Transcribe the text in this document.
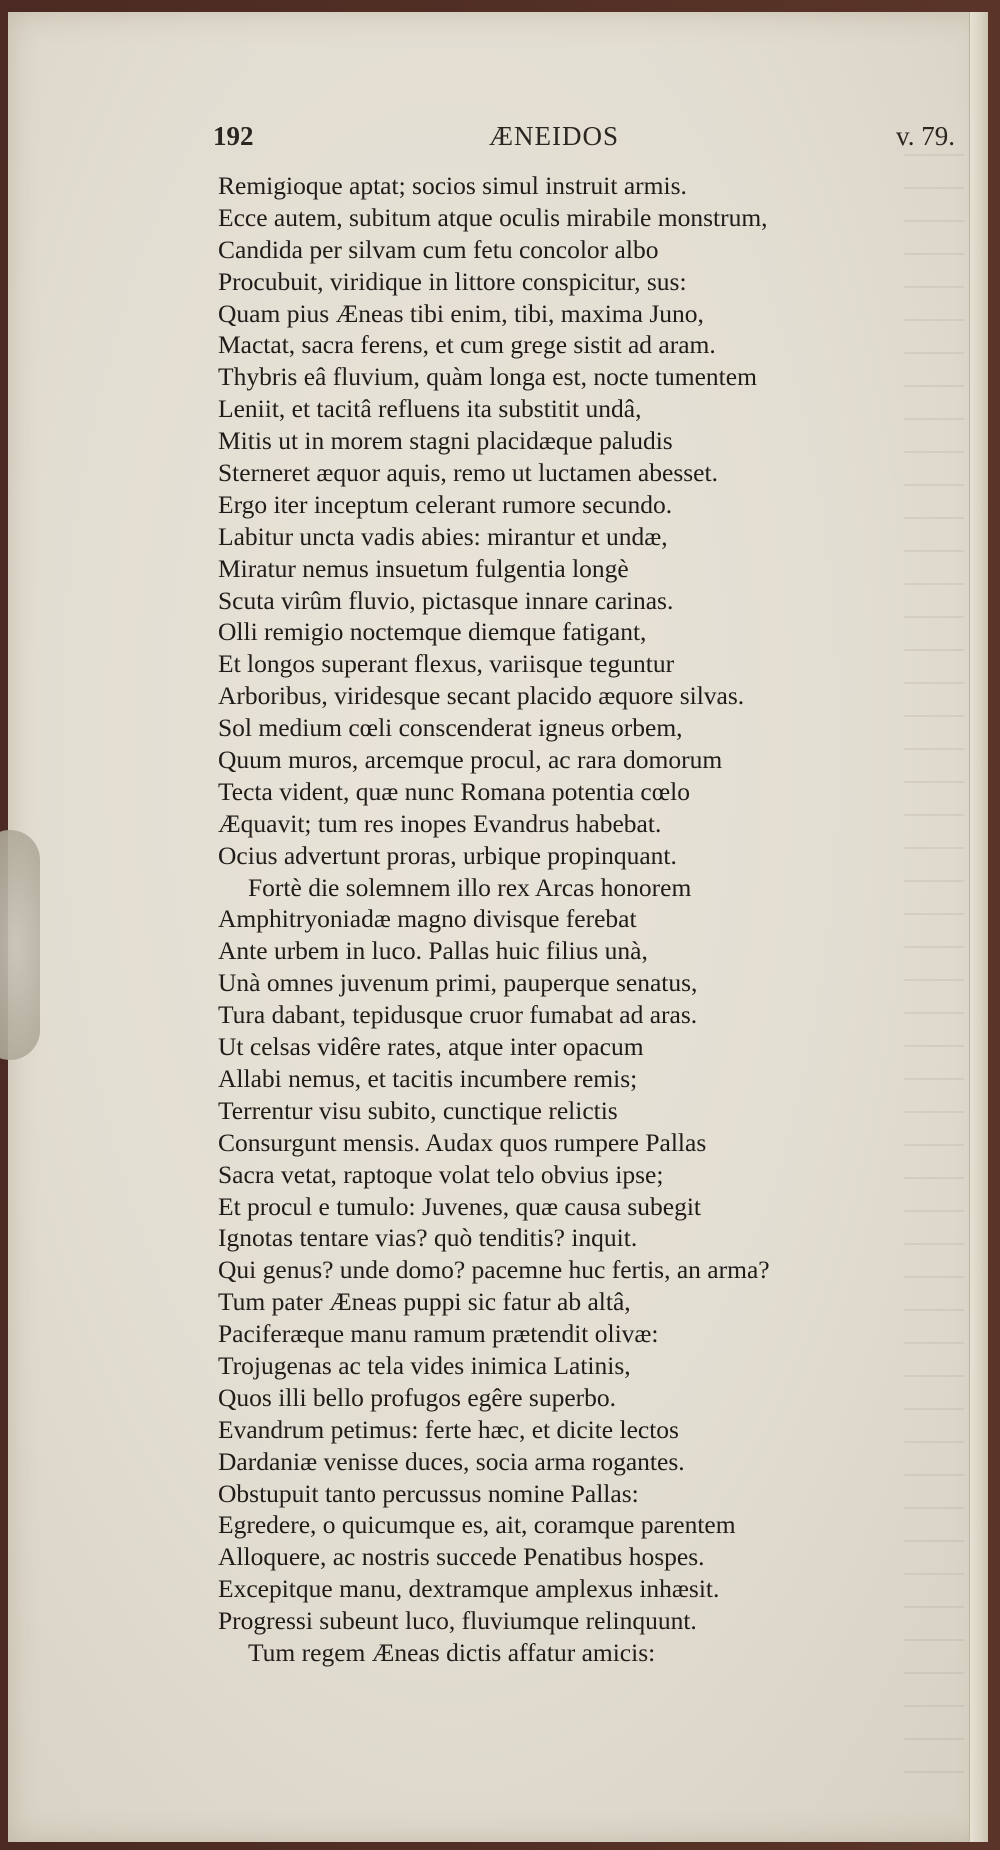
192	ÆNEIDOS	v. 79.
Remigioque aptat; socios simul instruit armis.
Ecce autem, subitum atque oculis mirabile monstrum,
Candida per silvam cum fetu concolor albo
Procubuit, viridique in littore conspicitur, sus:
Quam pius Æneas tibi enim, tibi, maxima Juno,
Mactat, sacra ferens, et cum grege sistit ad aram.
Thybris eâ fluvium, quàm longa est, nocte tumentem
Leniit, et tacitâ refluens ita substitit undâ,
Mitis ut in morem stagni placidæque paludis
Sterneret æquor aquis, remo ut luctamen abesset.
Ergo iter inceptum celerant rumore secundo.
Labitur uncta vadis abies: mirantur et undæ,
Miratur nemus insuetum fulgentia longè
Scuta virûm fluvio, pictasque innare carinas.
Olli remigio noctemque diemque fatigant,
Et longos superant flexus, variisque teguntur
Arboribus, viridesque secant placido æquore silvas.
Sol medium cœli conscenderat igneus orbem,
Quum muros, arcemque procul, ac rara domorum
Tecta vident, quæ nunc Romana potentia cœlo
Æquavit; tum res inopes Evandrus habebat.
Ocius advertunt proras, urbique propinquant.
Fortè die solemnem illo rex Arcas honorem
Amphitryoniadæ magno divisque ferebat
Ante urbem in luco. Pallas huic filius unà,
Unà omnes juvenum primi, pauperque senatus,
Tura dabant, tepidusque cruor fumabat ad aras.
Ut celsas vidêre rates, atque inter opacum
Allabi nemus, et tacitis incumbere remis;
Terrentur visu subito, cunctique relictis
Consurgunt mensis. Audax quos rumpere Pallas
Sacra vetat, raptoque volat telo obvius ipse;
Et procul e tumulo: Juvenes, quæ causa subegit
Ignotas tentare vias? quò tenditis? inquit.
Qui genus? unde domo? pacemne huc fertis, an arma?
Tum pater Æneas puppi sic fatur ab altâ,
Paciferæque manu ramum prætendit olivæ:
Trojugenas ac tela vides inimica Latinis,
Quos illi bello profugos egêre superbo.
Evandrum petimus: ferte hæc, et dicite lectos
Dardaniæ venisse duces, socia arma rogantes.
Obstupuit tanto percussus nomine Pallas:
Egredere, o quicumque es, ait, coramque parentem
Alloquere, ac nostris succede Penatibus hospes.
Excepitque manu, dextramque amplexus inhæsit.
Progressi subeunt luco, fluviumque relinquunt.
Tum regem Æneas dictis affatur amicis:
